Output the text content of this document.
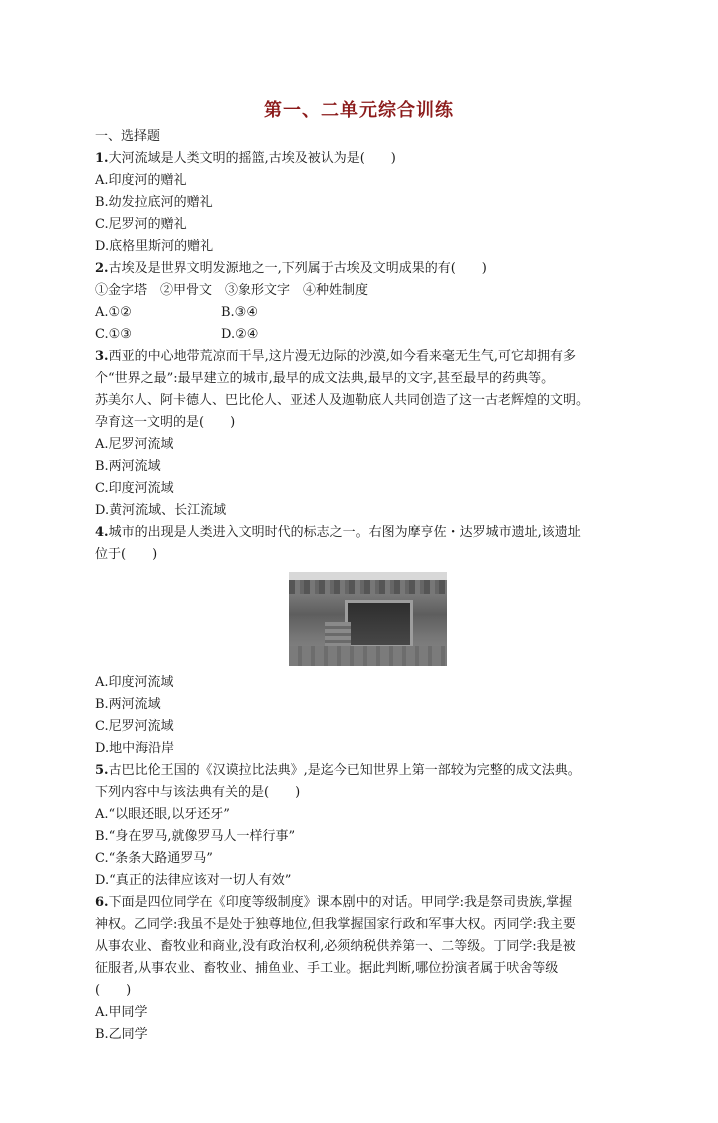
第一、二单元综合训练
一、选择题
1.大河流域是人类文明的摇篮,古埃及被认为是(　　)
A.印度河的赠礼
B.幼发拉底河的赠礼
C.尼罗河的赠礼
D.底格里斯河的赠礼
2.古埃及是世界文明发源地之一,下列属于古埃及文明成果的有(　　)
①金字塔　②甲骨文　③象形文字　④种姓制度
A.①②	B.③④
C.①③	D.②④
3.西亚的中心地带荒凉而干旱,这片漫无边际的沙漠,如今看来毫无生气,可它却拥有多
个“世界之最”:最早建立的城市,最早的成文法典,最早的文字,甚至最早的药典等。
苏美尔人、阿卡德人、巴比伦人、亚述人及迦勒底人共同创造了这一古老辉煌的文明。
孕育这一文明的是(　　)
A.尼罗河流域
B.两河流域
C.印度河流域
D.黄河流域、长江流域
4.城市的出现是人类进入文明时代的标志之一。右图为摩亨佐・达罗城市遗址,该遗址
位于(　　)
A.印度河流域
B.两河流域
C.尼罗河流域
D.地中海沿岸
5.古巴比伦王国的《汉谟拉比法典》,是迄今已知世界上第一部较为完整的成文法典。
下列内容中与该法典有关的是(　　)
A.“以眼还眼,以牙还牙”
B.“身在罗马,就像罗马人一样行事”
C.“条条大路通罗马”
D.“真正的法律应该对一切人有效”
6.下面是四位同学在《印度等级制度》课本剧中的对话。甲同学:我是祭司贵族,掌握
神权。乙同学:我虽不是处于独尊地位,但我掌握国家行政和军事大权。丙同学:我主要
从事农业、畜牧业和商业,没有政治权利,必须纳税供养第一、二等级。丁同学:我是被
征服者,从事农业、畜牧业、捕鱼业、手工业。据此判断,哪位扮演者属于吠舍等级
(　　)
A.甲同学
B.乙同学
